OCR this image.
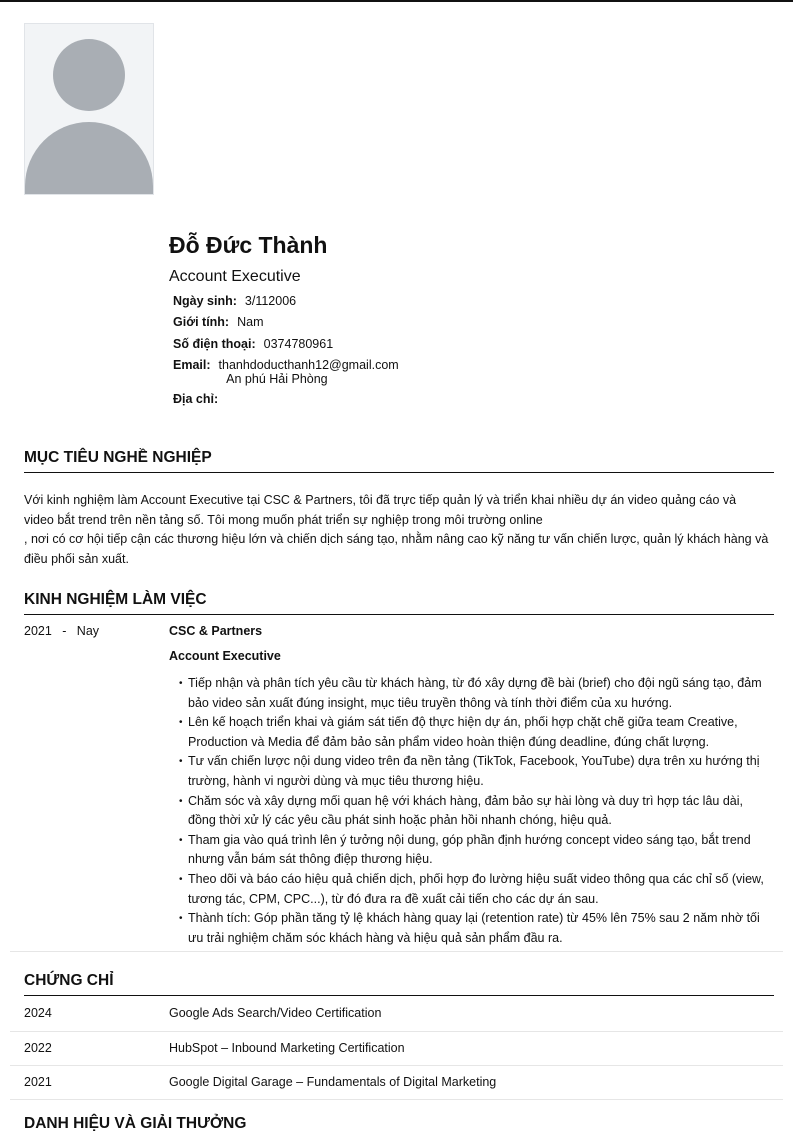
Đỗ Đức Thành
Account Executive
Ngày sinh: 3/112006
Giới tính: Nam
Số điện thoại: 0374780961
Email: thanhdoducthanh12@gmail.com
Địa chỉ:
An phú Hải Phòng
MỤC TIÊU NGHỀ NGHIỆP

Với kinh nghiệm làm Account Executive tại CSC & Partners, tôi đã trực tiếp quản lý và triển khai nhiều dự án video quảng cáo và video bắt trend trên nền tảng số. Tôi mong muốn phát triển sự nghiệp trong môi trường online

, nơi có cơ hội tiếp cận các thương hiệu lớn và chiến dịch sáng tạo, nhằm nâng cao kỹ năng tư vấn chiến lược, quản lý khách hàng và điều phối sản xuất.

KINH NGHIỆM LÀM VIỆC
2021   -   Nay	CSC & Partners
Account Executive
• Tiếp nhận và phân tích yêu cầu từ khách hàng, từ đó xây dựng đề bài (brief) cho đội ngũ sáng tạo, đảm bảo video sản xuất đúng insight, mục tiêu truyền thông và tính thời điểm của xu hướng.
• Lên kế hoạch triển khai và giám sát tiến độ thực hiện dự án, phối hợp chặt chẽ giữa team Creative, Production và Media để đảm bảo sản phẩm video hoàn thiện đúng deadline, đúng chất lượng.
• Tư vấn chiến lược nội dung video trên đa nền tảng (TikTok, Facebook, YouTube) dựa trên xu hướng thị trường, hành vi người dùng và mục tiêu thương hiệu.
• Chăm sóc và xây dựng mối quan hệ với khách hàng, đảm bảo sự hài lòng và duy trì hợp tác lâu dài, đồng thời xử lý các yêu cầu phát sinh hoặc phản hồi nhanh chóng, hiệu quả.
• Tham gia vào quá trình lên ý tưởng nội dung, góp phần định hướng concept video sáng tạo, bắt trend nhưng vẫn bám sát thông điệp thương hiệu.
• Theo dõi và báo cáo hiệu quả chiến dịch, phối hợp đo lường hiệu suất video thông qua các chỉ số (view, tương tác, CPM, CPC...), từ đó đưa ra đề xuất cải tiến cho các dự án sau.
• Thành tích: Góp phần tăng tỷ lệ khách hàng quay lại (retention rate) từ 45% lên 75% sau 2 năm nhờ tối ưu trải nghiệm chăm sóc khách hàng và hiệu quả sản phẩm đầu ra.
CHỨNG CHỈ
2024	Google Ads Search/Video Certification
2022	HubSpot – Inbound Marketing Certification
2021	Google Digital Garage – Fundamentals of Digital Marketing
DANH HIỆU VÀ GIẢI THƯỞNG
